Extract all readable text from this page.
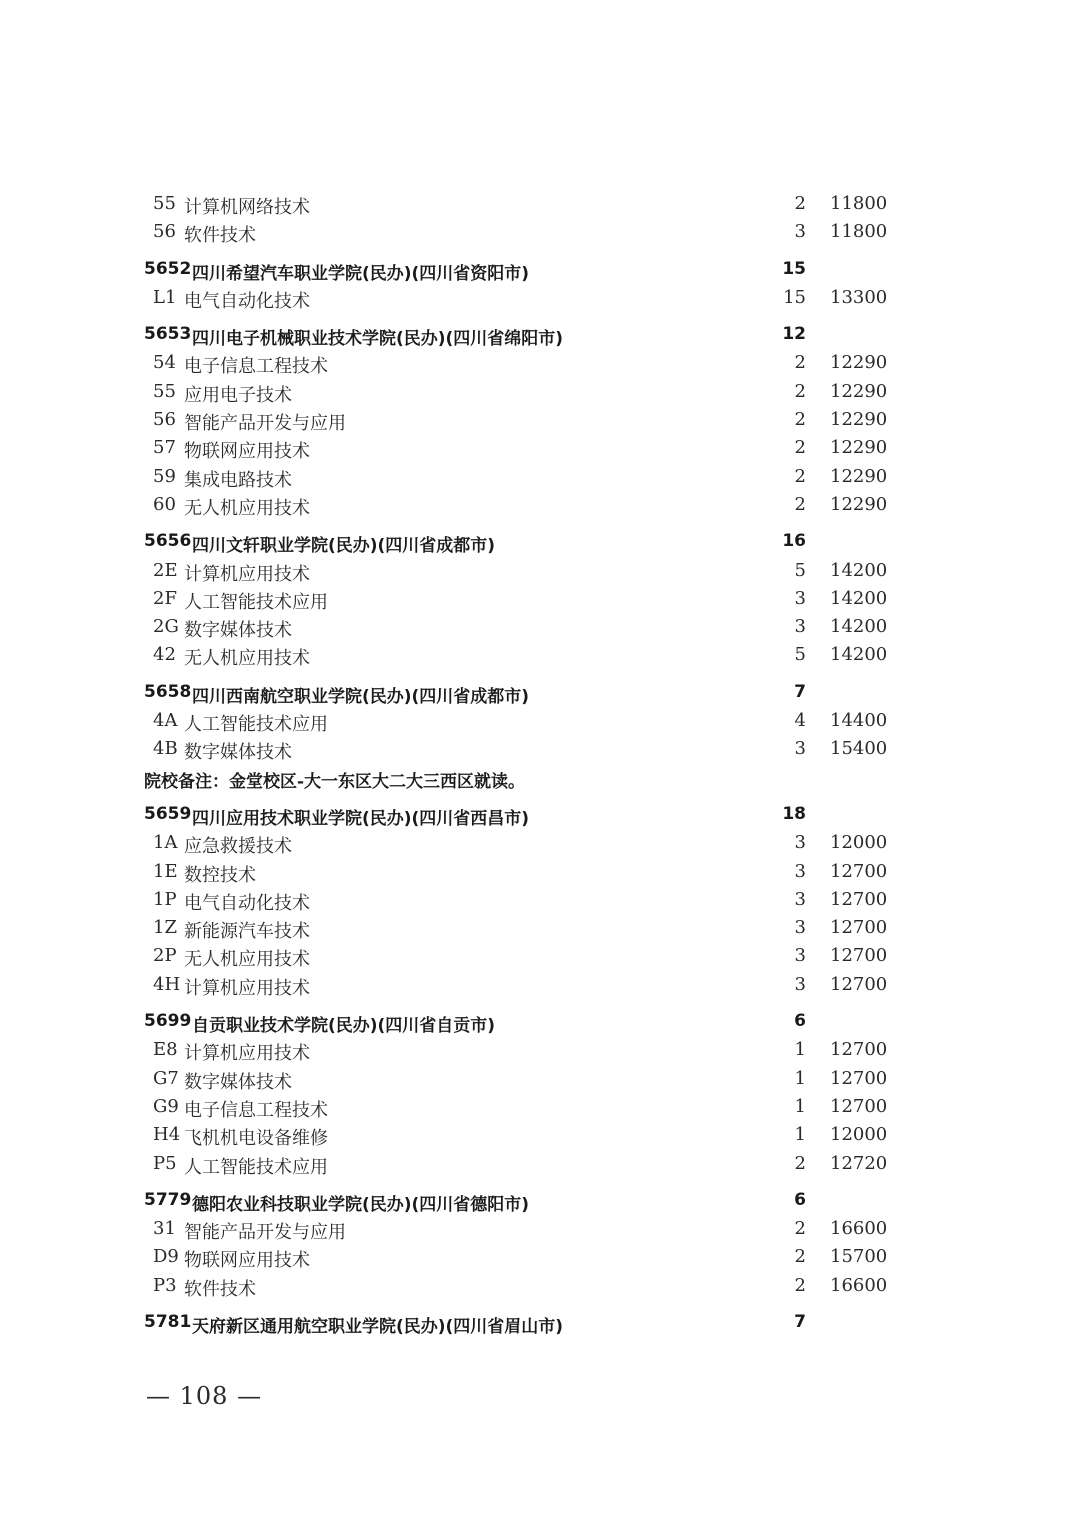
55 计算机网络技术	2 11800
56 软件技术	3 11800
5652 四川希望汽车职业学院(民办)(四川省资阳市)	15
L1 电气自动化技术	15 13300
5653 四川电子机械职业技术学院(民办)(四川省绵阳市)	12
54 电子信息工程技术	2 12290
55 应用电子技术	2 12290
56 智能产品开发与应用	2 12290
57 物联网应用技术	2 12290
59 集成电路技术	2 12290
60 无人机应用技术	2 12290
5656 四川文轩职业学院(民办)(四川省成都市)	16
2E 计算机应用技术	5 14200
2F 人工智能技术应用	3 14200
2G 数字媒体技术	3 14200
42 无人机应用技术	5 14200
5658 四川西南航空职业学院(民办)(四川省成都市)	7
4A 人工智能技术应用	4 14400
4B 数字媒体技术	3 15400
院校备注：金堂校区-大一东区大二大三西区就读。
5659 四川应用技术职业学院(民办)(四川省西昌市)	18
1A 应急救援技术	3 12000
1E 数控技术	3 12700
1P 电气自动化技术	3 12700
1Z 新能源汽车技术	3 12700
2P 无人机应用技术	3 12700
4H 计算机应用技术	3 12700
5699 自贡职业技术学院(民办)(四川省自贡市)	6
E8 计算机应用技术	1 12700
G7 数字媒体技术	1 12700
G9 电子信息工程技术	1 12700
H4 飞机机电设备维修	1 12000
P5 人工智能技术应用	2 12720
5779 德阳农业科技职业学院(民办)(四川省德阳市)	6
31 智能产品开发与应用	2 16600
D9 物联网应用技术	2 15700
P3 软件技术	2 16600
5781 天府新区通用航空职业学院(民办)(四川省眉山市)	7
— 108 —
